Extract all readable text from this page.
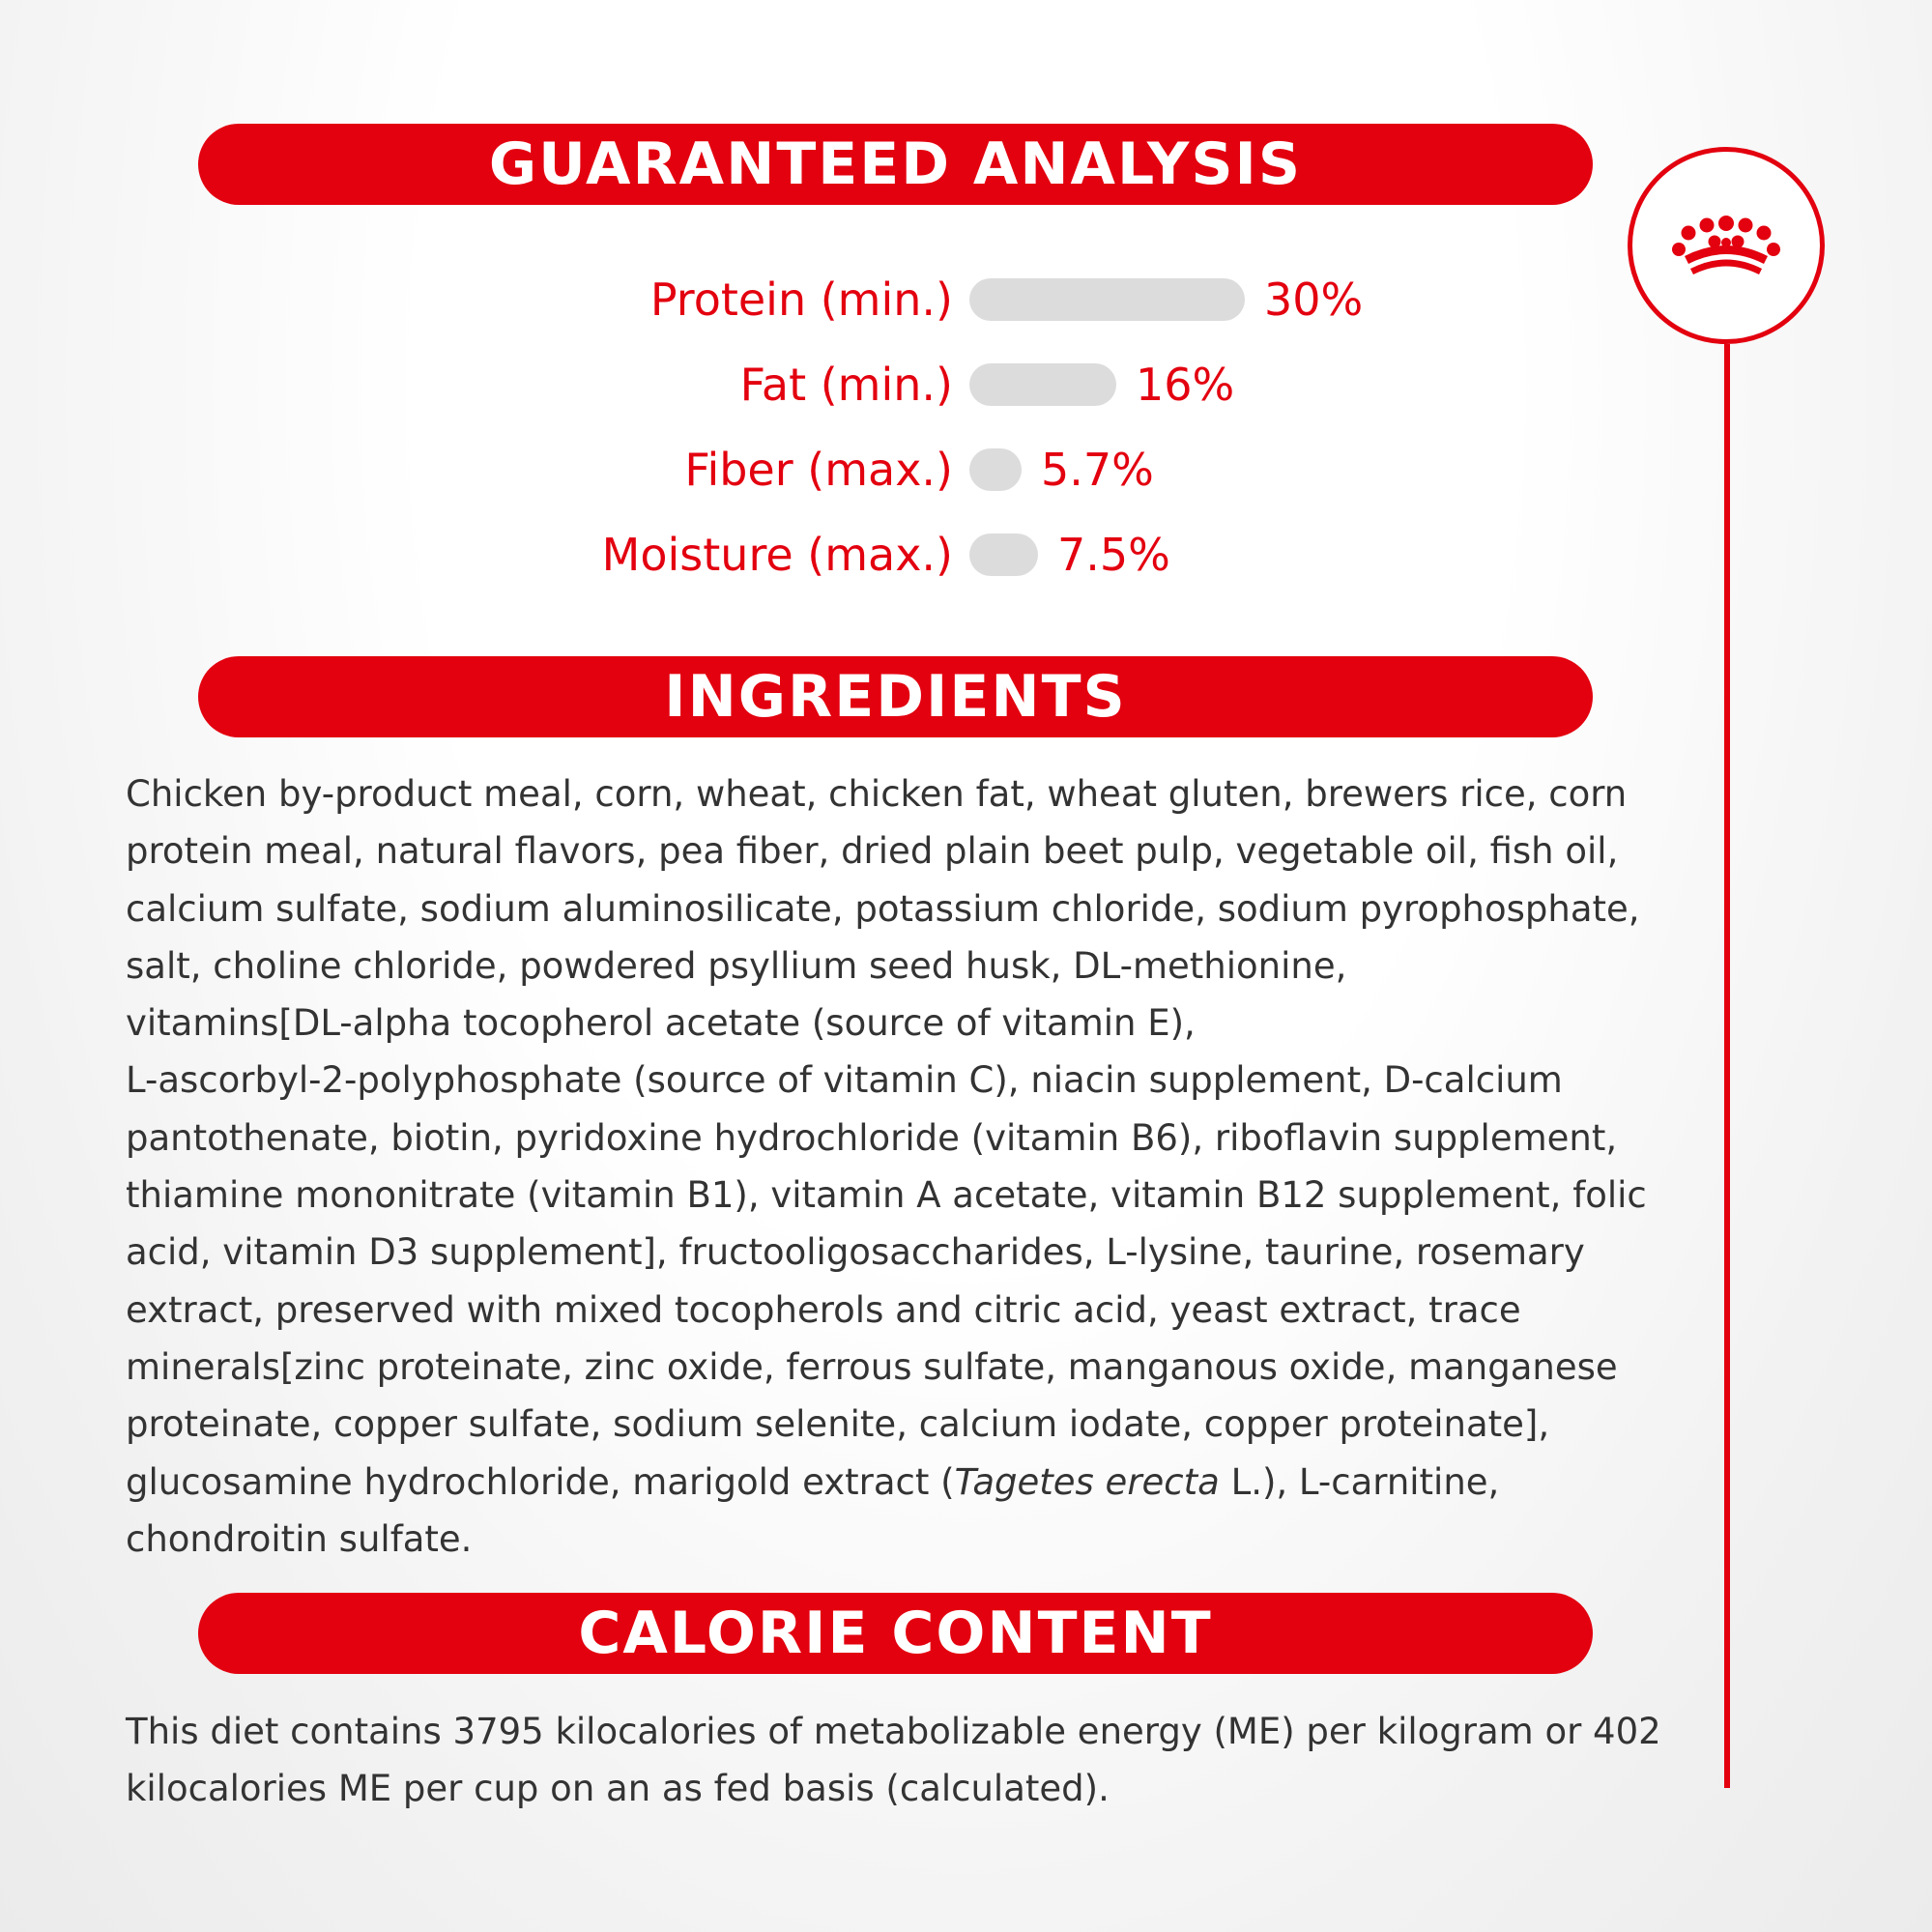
GUARANTEED ANALYSIS
Protein (min.)	30%
Fat (min.)	16%
Fiber (max.) 5.7%
Moisture (max.) 7.5%
INGREDIENTS
Chicken by-product meal, corn, wheat, chicken fat, wheat gluten, brewers rice, corn
protein meal, natural flavors, pea fiber, dried plain beet pulp, vegetable oil, fish oil,
calcium sulfate, sodium aluminosilicate, potassium chloride, sodium pyrophosphate,
salt, choline chloride, powdered psyllium seed husk, DL-methionine,
vitamins[DL-alpha tocopherol acetate (source of vitamin E),
L-ascorbyl-2-polyphosphate (source of vitamin C), niacin supplement, D-calcium
pantothenate, biotin, pyridoxine hydrochloride (vitamin B6), riboflavin supplement,
thiamine mononitrate (vitamin B1), vitamin A acetate, vitamin B12 supplement, folic
acid, vitamin D3 supplement], fructooligosaccharides, L-lysine, taurine, rosemary
extract, preserved with mixed tocopherols and citric acid, yeast extract, trace
minerals[zinc proteinate, zinc oxide, ferrous sulfate, manganous oxide, manganese
proteinate, copper sulfate, sodium selenite, calcium iodate, copper proteinate],
glucosamine hydrochloride, marigold extract (Tagetes erecta L.), L-carnitine,
chondroitin sulfate.
CALORIE CONTENT
This diet contains 3795 kilocalories of metabolizable energy (ME) per kilogram or 402
kilocalories ME per cup on an as fed basis (calculated).
